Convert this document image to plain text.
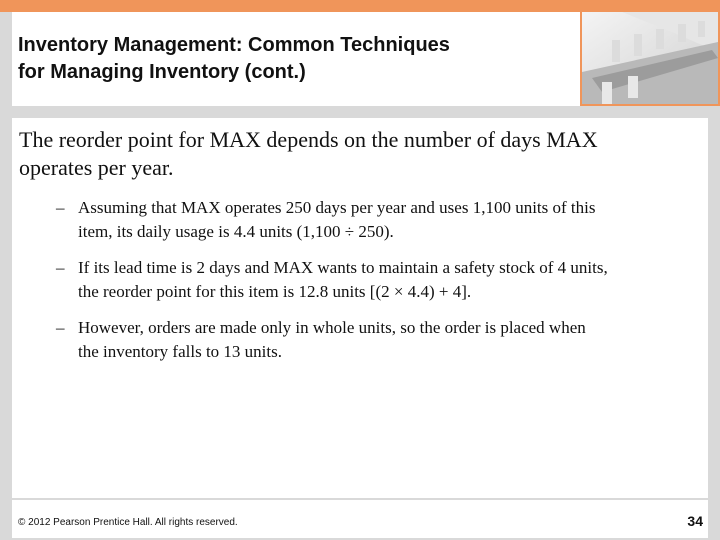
Inventory Management: Common Techniques
for Managing Inventory (cont.)
The reorder point for MAX depends on the number of days MAX
operates per year.
– Assuming that MAX operates 250 days per year and uses 1,100 units of this
item, its daily usage is 4.4 units (1,100 ÷ 250).
– If its lead time is 2 days and MAX wants to maintain a safety stock of 4 units,
the reorder point for this item is 12.8 units [(2 × 4.4) + 4].
– However, orders are made only in whole units, so the order is placed when
the inventory falls to 13 units.
© 2012 Pearson Prentice Hall. All rights reserved.	34
